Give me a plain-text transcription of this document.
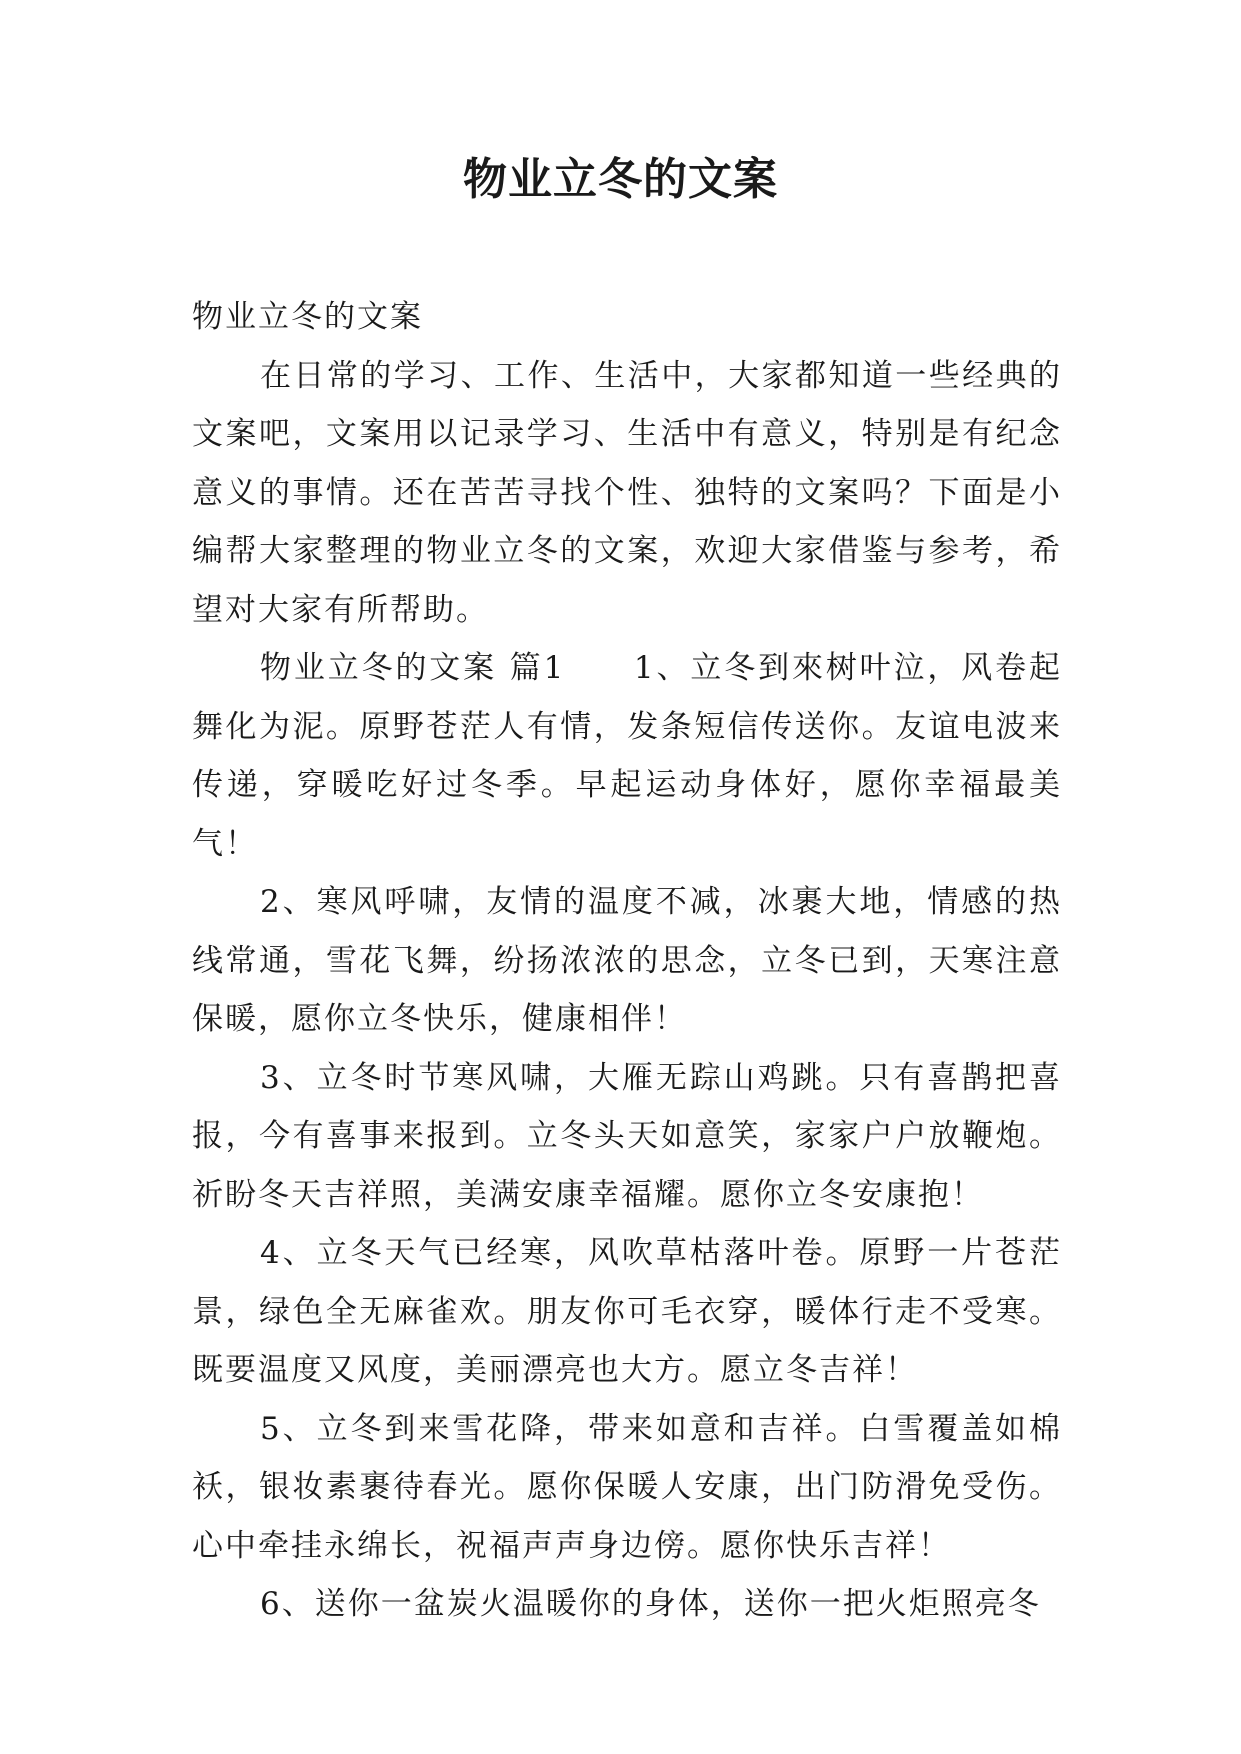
物业立冬的文案

物业立冬的文案

在日常的学习、工作、生活中，大家都知道一些经典的文案吧，文案用以记录学习、生活中有意义，特别是有纪念意义的事情。还在苦苦寻找个性、独特的文案吗？下面是小编帮大家整理的物业立冬的文案，欢迎大家借鉴与参考，希望对大家有所帮助。

物业立冬的文案 篇1　　1、立冬到來树叶泣，风卷起舞化为泥。原野苍茫人有情，发条短信传送你。友谊电波来传递，穿暖吃好过冬季。早起运动身体好，愿你幸福最美气！

2、寒风呼啸，友情的温度不减，冰裹大地，情感的热线常通，雪花飞舞，纷扬浓浓的思念，立冬已到，天寒注意保暖，愿你立冬快乐，健康相伴！

3、立冬时节寒风啸，大雁无踪山鸡跳。只有喜鹊把喜报，今有喜事来报到。立冬头天如意笑，家家户户放鞭炮。祈盼冬天吉祥照，美满安康幸福耀。愿你立冬安康抱！

4、立冬天气已经寒，风吹草枯落叶卷。原野一片苍茫景，绿色全无麻雀欢。朋友你可毛衣穿，暖体行走不受寒。既要温度又风度，美丽漂亮也大方。愿立冬吉祥！

5、立冬到来雪花降，带来如意和吉祥。白雪覆盖如棉袄，银妆素裹待春光。愿你保暖人安康，出门防滑免受伤。心中牵挂永绵长，祝福声声身边傍。愿你快乐吉祥！

6、送你一盆炭火温暖你的身体，送你一把火炬照亮冬
